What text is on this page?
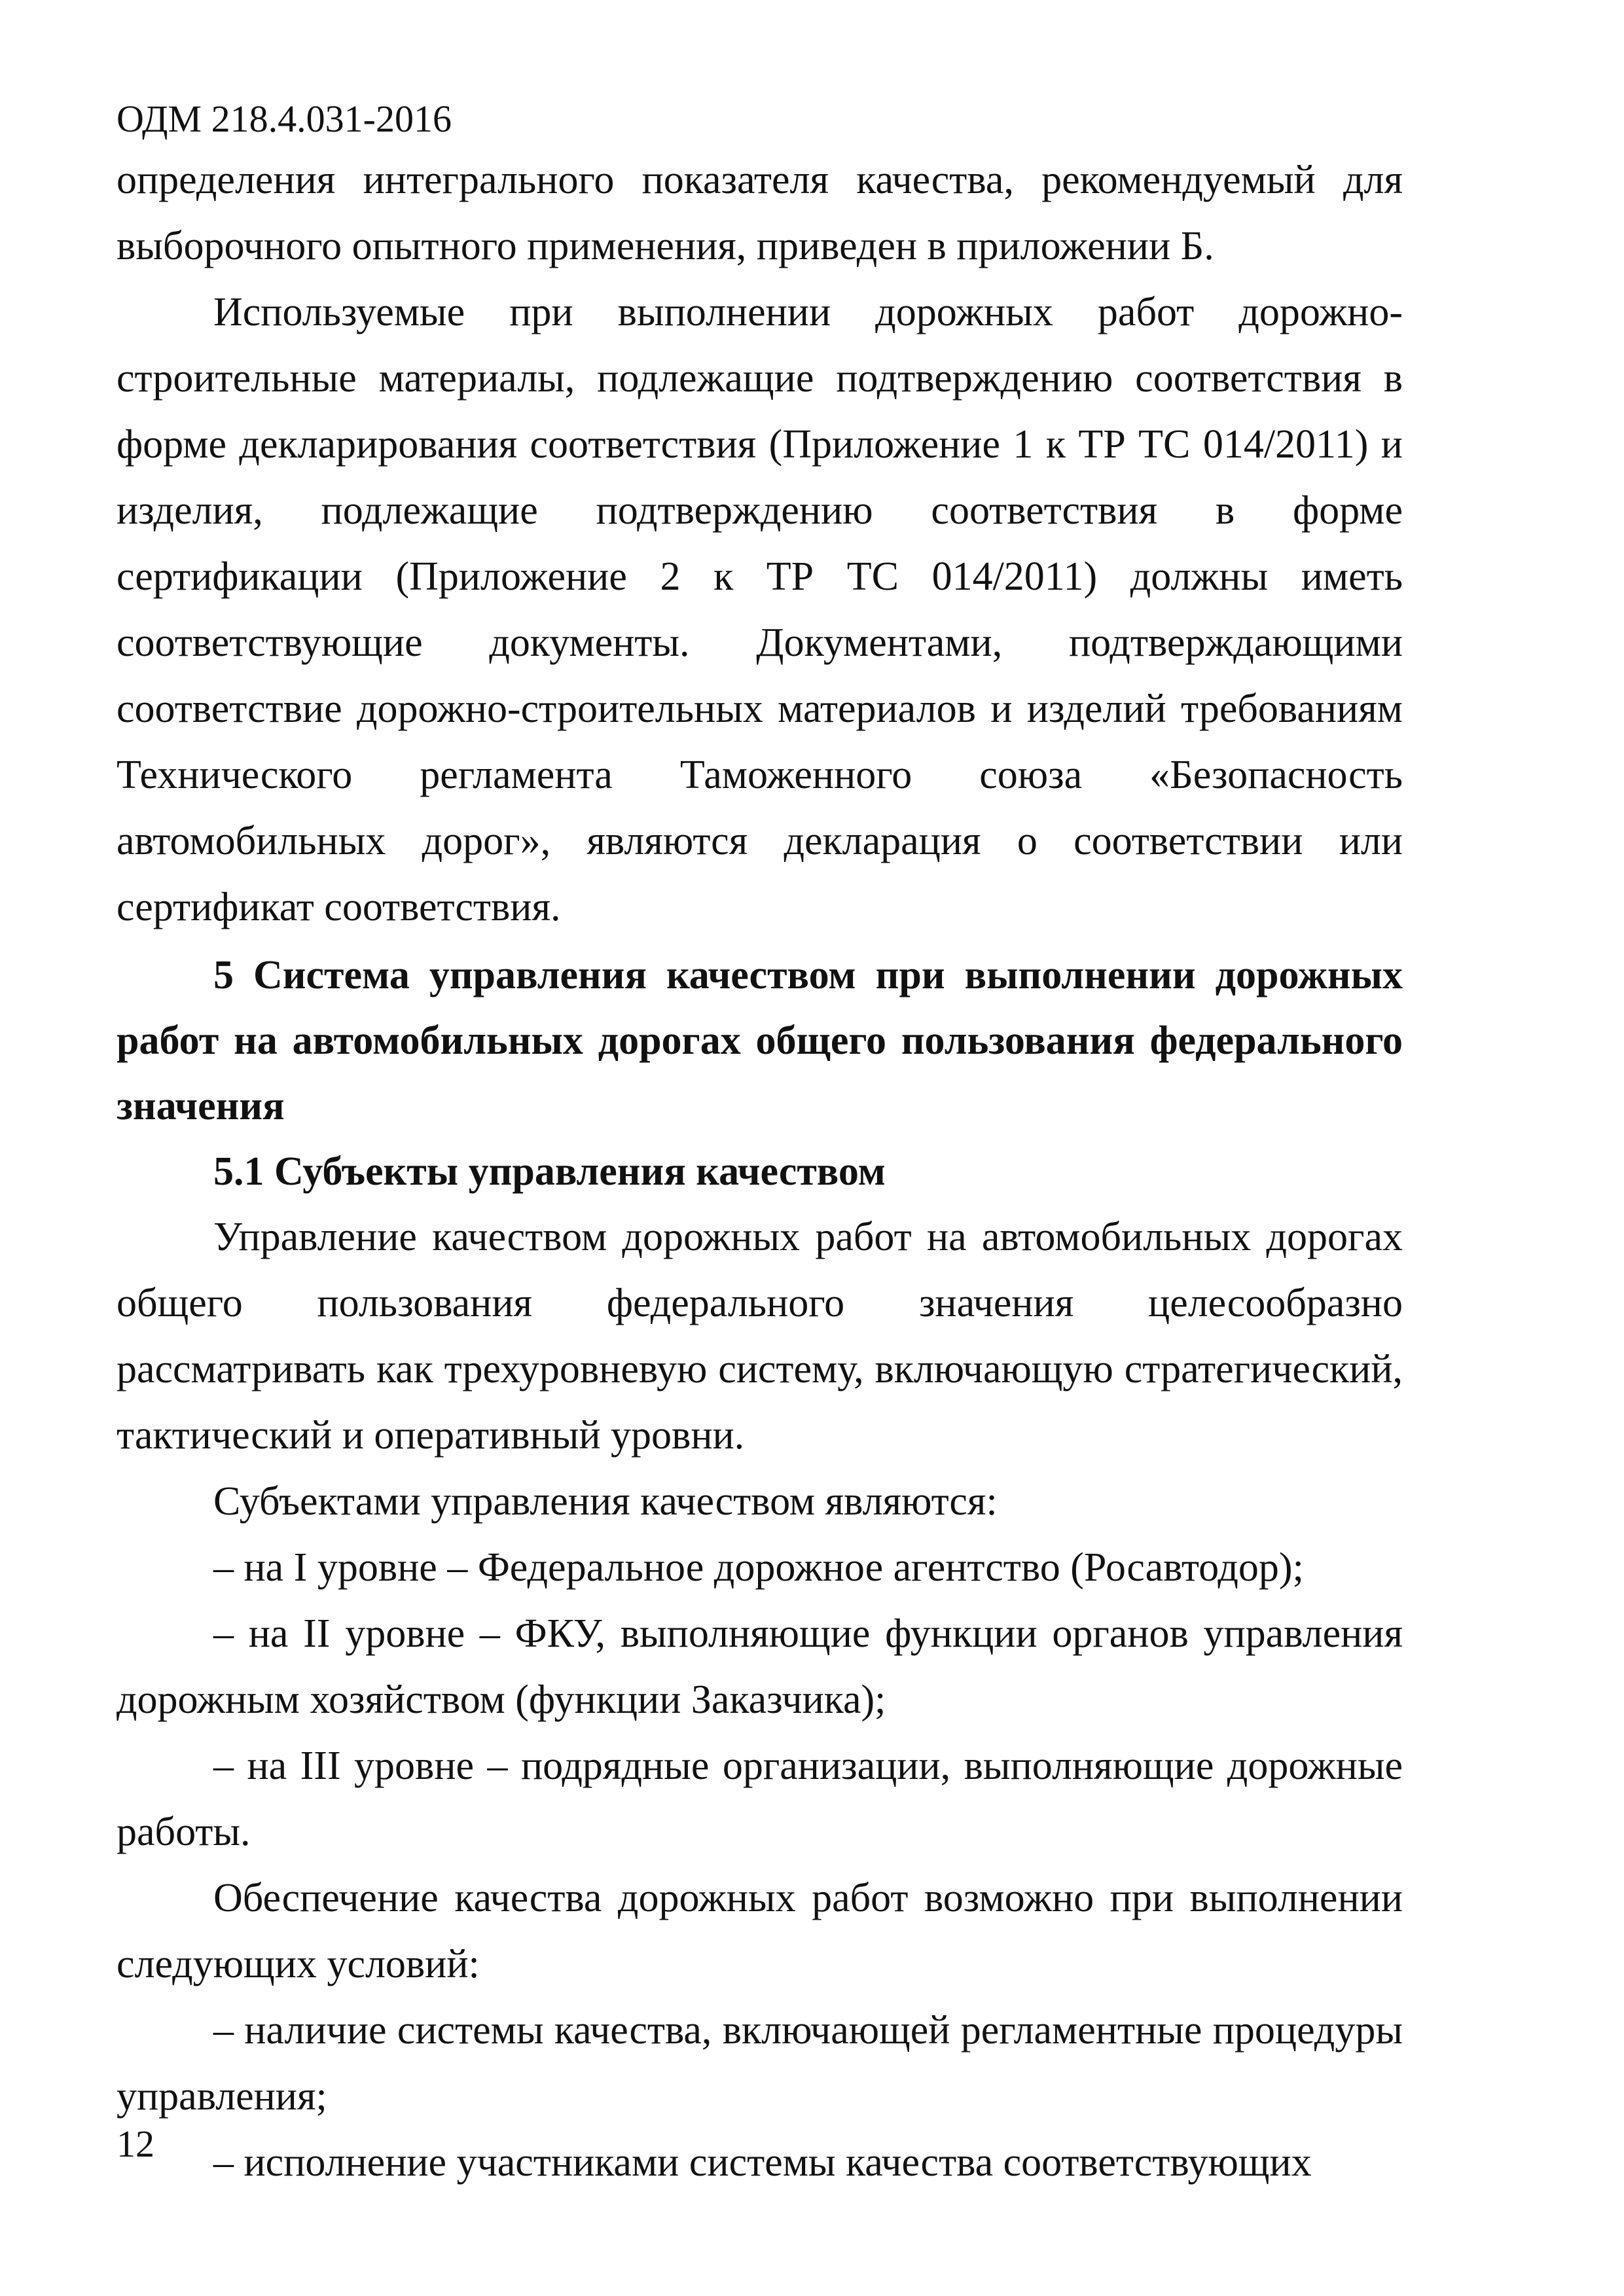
ОДМ 218.4.031-2016

определения интегрального показателя качества, рекомендуемый для выборочного опытного применения, приведен в приложении Б.

Используемые при выполнении дорожных работ дорожно-строительные материалы, подлежащие подтверждению соответствия в форме декларирования соответствия (Приложение 1 к ТР ТС 014/2011) и изделия, подлежащие подтверждению соответствия в форме сертификации (Приложение 2 к ТР ТС 014/2011) должны иметь соответствующие документы. Документами, подтверждающими соответствие дорожно-строительных материалов и изделий требованиям Технического регламента Таможенного союза «Безопасность автомобильных дорог», являются декларация о соответствии или сертификат соответствия.

5 Система управления качеством при выполнении дорожных работ на автомобильных дорогах общего пользования федерального значения

5.1 Субъекты управления качеством

Управление качеством дорожных работ на автомобильных дорогах общего пользования федерального значения целесообразно рассматривать как трехуровневую систему, включающую стратегический, тактический и оперативный уровни.

Субъектами управления качеством являются:

– на I уровне – Федеральное дорожное агентство (Росавтодор);

– на II уровне – ФКУ, выполняющие функции органов управления дорожным хозяйством (функции Заказчика);

– на III уровне – подрядные организации, выполняющие дорожные работы.

Обеспечение качества дорожных работ возможно при выполнении следующих условий:

– наличие системы качества, включающей регламентные процедуры управления;

– исполнение участниками системы качества соответствующих

12
